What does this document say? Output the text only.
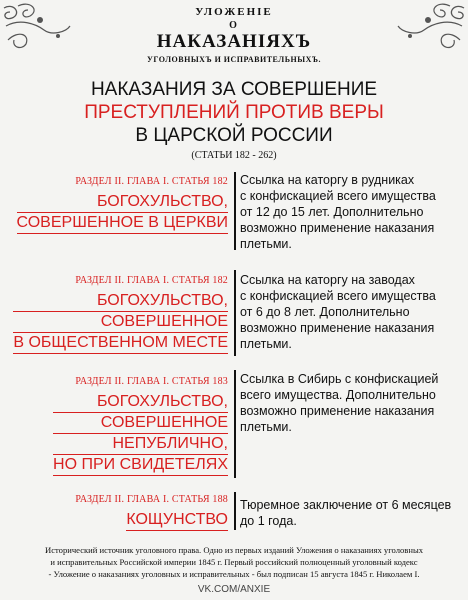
УЛОЖЕНІЕ
О
НАКАЗАНІЯХЪ
УГОЛОВНЫХЪ И ИСПРАВИТЕЛЬНЫХЪ.
НАКАЗАНИЯ ЗА СОВЕРШЕНИЕ
ПРЕСТУПЛЕНИЙ ПРОТИВ ВЕРЫ
В ЦАРСКОЙ РОССИИ
(СТАТЬИ 182 - 262)
РАЗДЕЛ II. ГЛАВА I. СТАТЬЯ 182
БОГОХУЛЬСТВО,
СОВЕРШЕННОЕ В ЦЕРКВИ
Ссылка на каторгу в рудниках
с конфискацией всего имущества
от 12 до 15 лет. Дополнительно
возможно применение наказания
плетьми.
РАЗДЕЛ II. ГЛАВА I. СТАТЬЯ 182
БОГОХУЛЬСТВО,
СОВЕРШЕННОЕ
В ОБЩЕСТВЕННОМ МЕСТЕ
Ссылка на каторгу на заводах
с конфискацией всего имущества
от 6 до 8 лет. Дополнительно
возможно применение наказания
плетьми.
РАЗДЕЛ II. ГЛАВА I. СТАТЬЯ 183
БОГОХУЛЬСТВО,
СОВЕРШЕННОЕ
НЕПУБЛИЧНО,
НО ПРИ СВИДЕТЕЛЯХ
Ссылка в Сибирь с конфискацией
всего имущества. Дополнительно
возможно применение наказания
плетьми.
РАЗДЕЛ II. ГЛАВА I. СТАТЬЯ 188
КОЩУНСТВО
Тюремное заключение от 6 месяцев
до 1 года.
Исторический источник уголовного права. Одно из первых изданий Уложения о наказаниях уголовных
и исправительных Российской империи 1845 г. Первый российский полноценный уголовный кодекс
- Уложение о наказаниях уголовных и исправительных - был подписан 15 августа 1845 г. Николаем I.
VK.COM/ANXIE
